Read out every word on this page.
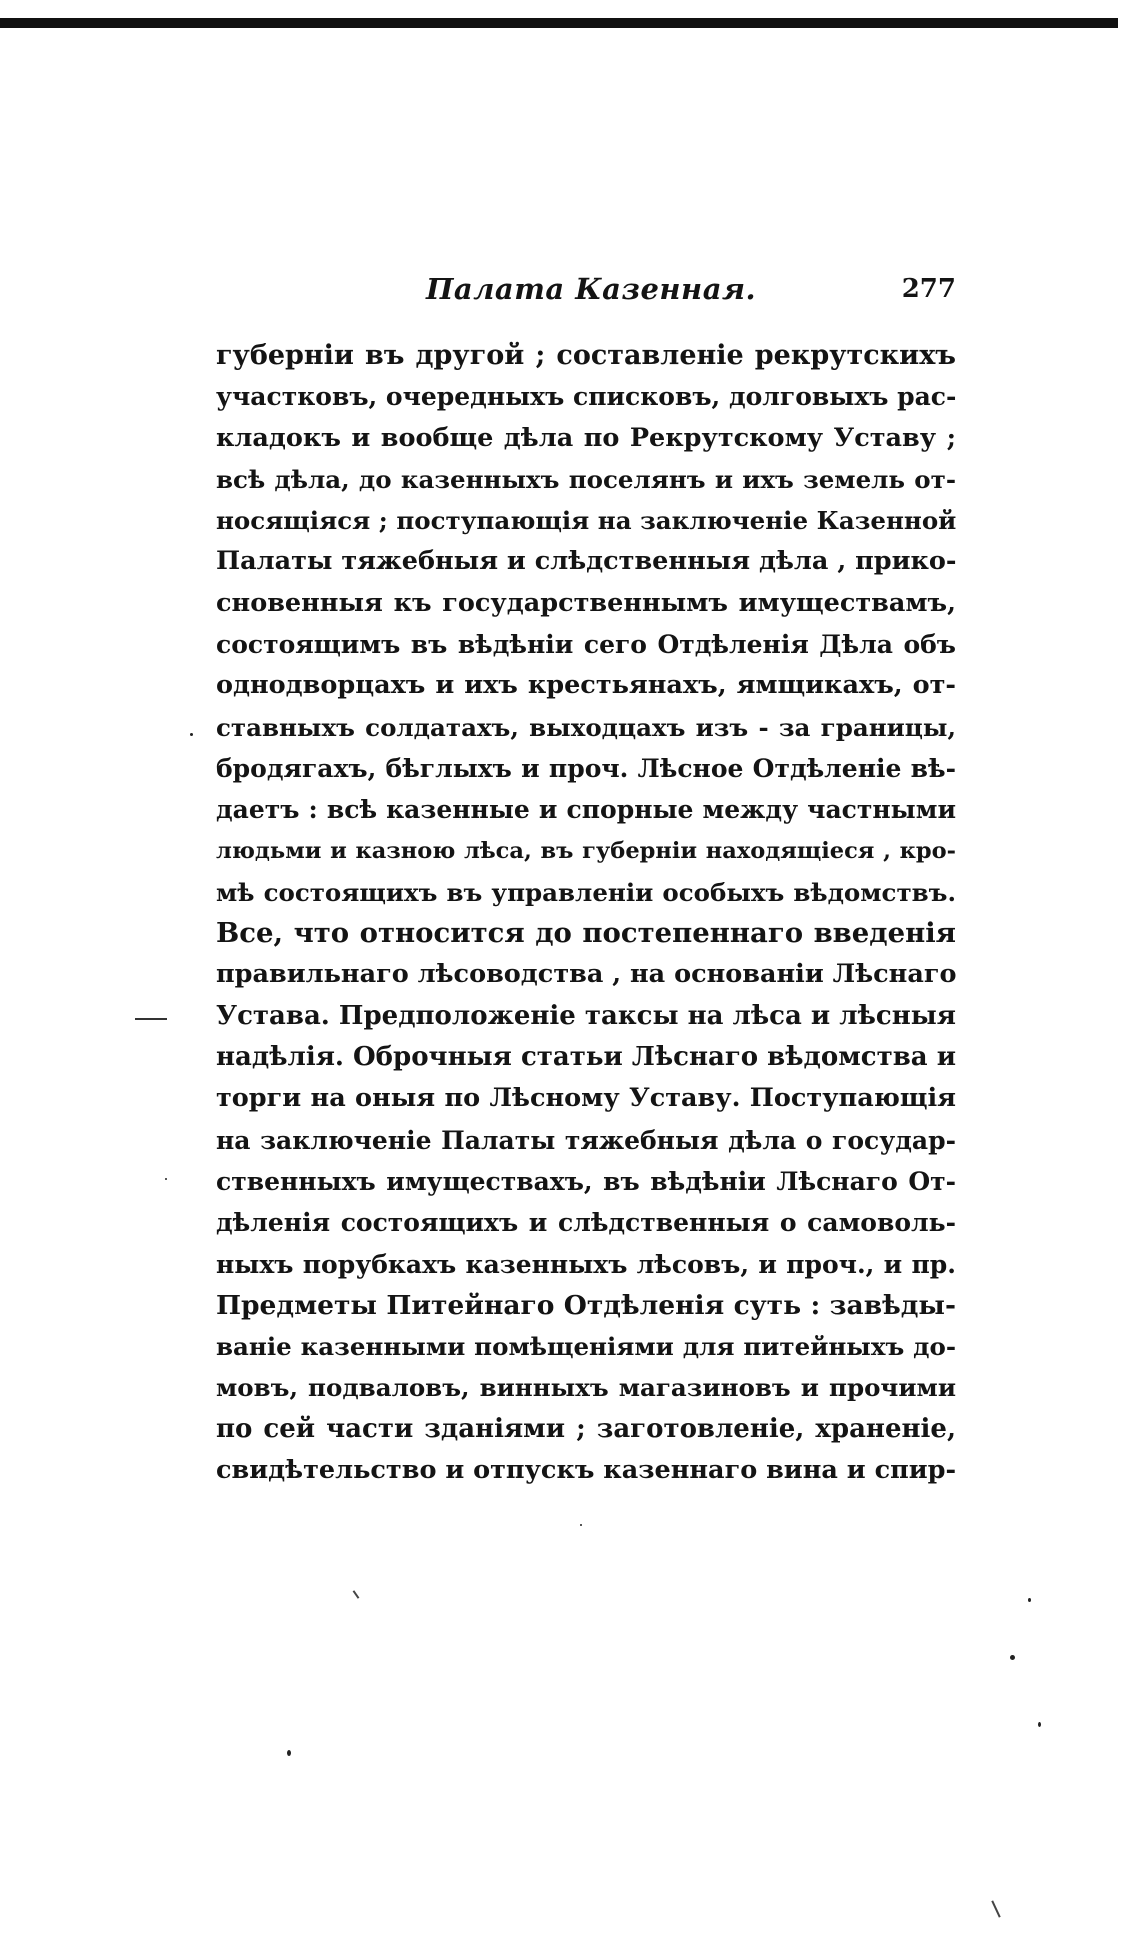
Палата Казенная.	277
губерніи въ другой ; составленіе рекрутскихъ
участковъ, очередныхъ списковъ, долговыхъ рас-
кладокъ и вообще дѣла по Рекрутскому Уставу ;
всѣ дѣла, до казенныхъ поселянъ и ихъ земель от-
носящіяся ; поступающія на заключеніе Казенной
Палаты тяжебныя и слѣдственныя дѣла , прико-
сновенныя къ государственнымъ имуществамъ,
состоящимъ въ вѣдѣніи сего Отдѣленія Дѣла объ
однодворцахъ и ихъ крестьянахъ, ямщикахъ, от-
ставныхъ солдатахъ, выходцахъ изъ - за границы,
бродягахъ, бѣглыхъ и проч. Лѣсное Отдѣленіе вѣ-
даетъ : всѣ казенные и спорные между частными
людьми и казною лѣса, въ губерніи находящіеся , кро-
мѣ состоящихъ въ управленіи особыхъ вѣдомствъ.
Все, что относится до постепеннаго введенія
правильнаго лѣсоводства , на основаніи Лѣснаго
Устава. Предположеніе таксы на лѣса и лѣсныя
надѣлія. Оброчныя статьи Лѣснаго вѣдомства и
торги на оныя по Лѣсному Уставу. Поступающія
на заключеніе Палаты тяжебныя дѣла о государ-
ственныхъ имуществахъ, въ вѣдѣніи Лѣснаго От-
дѣленія состоящихъ и слѣдственныя о самоволь-
ныхъ порубкахъ казенныхъ лѣсовъ, и проч., и пр.
Предметы Питейнаго Отдѣленія суть : завѣды-
ваніе казенными помѣщеніями для питейныхъ до-
мовъ, подваловъ, винныхъ магазиновъ и прочими
по сей части зданіями ; заготовленіе, храненіе,
свидѣтельство и отпускъ казеннаго вина и спир-
